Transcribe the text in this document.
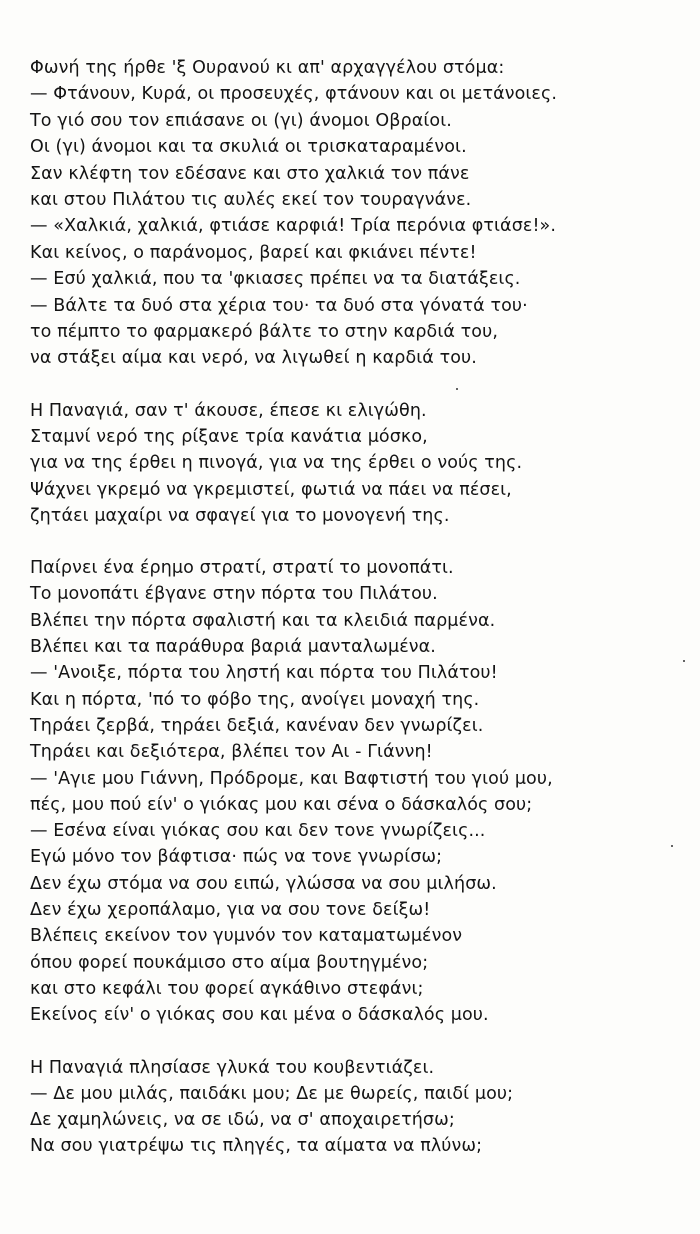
Φωνή της ήρθε 'ξ Ουρανού κι απ' αρχαγγέλου στόμα:
— Φτάνουν, Κυρά, οι προσευχές, φτάνουν και οι μετάνοιες.
Το γιό σου τον επιάσανε οι (γι) άνομοι Οβραίοι.
Οι (γι) άνομοι και τα σκυλιά οι τρισκαταραμένοι.
Σαν κλέφτη τον εδέσανε και στο χαλκιά τον πάνε
και στου Πιλάτου τις αυλές εκεί τον τουραγνάνε.
— «Χαλκιά, χαλκιά, φτιάσε καρφιά! Τρία περόνια φτιάσε!».
Και κείνος, ο παράνομος, βαρεί και φκιάνει πέντε!
— Εσύ χαλκιά, που τα 'φκιασες πρέπει να τα διατάξεις.
— Βάλτε τα δυό στα χέρια του· τα δυό στα γόνατά του·
το πέμπτο το φαρμακερό βάλτε το στην καρδιά του,
να στάξει αίμα και νερό, να λιγωθεί η καρδιά του.
Η Παναγιά, σαν τ' άκουσε, έπεσε κι ελιγώθη.
Σταμνί νερό της ρίξανε τρία κανάτια μόσκο,
για να της έρθει η πινογά, για να της έρθει ο νούς της.
Ψάχνει γκρεμό να γκρεμιστεί, φωτιά να πάει να πέσει,
ζητάει μαχαίρι να σφαγεί για το μονογενή της.
Παίρνει ένα έρημο στρατί, στρατί το μονοπάτι.
Το μονοπάτι έβγανε στην πόρτα του Πιλάτου.
Βλέπει την πόρτα σφαλιστή και τα κλειδιά παρμένα.
Βλέπει και τα παράθυρα βαριά μανταλωμένα.
— 'Ανοιξε, πόρτα του ληστή και πόρτα του Πιλάτου!
Και η πόρτα, 'πό το φόβο της, ανοίγει μοναχή της.
Τηράει ζερβά, τηράει δεξιά, κανέναν δεν γνωρίζει.
Τηράει και δεξιότερα, βλέπει τον Αι - Γιάννη!
— 'Αγιε μου Γιάννη, Πρόδρομε, και Βαφτιστή του γιού μου,
πές, μου πού είν' ο γιόκας μου και σένα ο δάσκαλός σου;
— Εσένα είναι γιόκας σου και δεν τονε γνωρίζεις...
Εγώ μόνο τον βάφτισα· πώς να τονε γνωρίσω;
Δεν έχω στόμα να σου ειπώ, γλώσσα να σου μιλήσω.
Δεν έχω χεροπάλαμο, για να σου τονε δείξω!
Βλέπεις εκείνον τον γυμνόν τον καταματωμένον
όπου φορεί πουκάμισο στο αίμα βουτηγμένο;
και στο κεφάλι του φορεί αγκάθινο στεφάνι;
Εκείνος είν' ο γιόκας σου και μένα ο δάσκαλός μου.
Η Παναγιά πλησίασε γλυκά του κουβεντιάζει.
— Δε μου μιλάς, παιδάκι μου; Δε με θωρείς, παιδί μου;
Δε χαμηλώνεις, να σε ιδώ, να σ' αποχαιρετήσω;
Να σου γιατρέψω τις πληγές, τα αίματα να πλύνω;
